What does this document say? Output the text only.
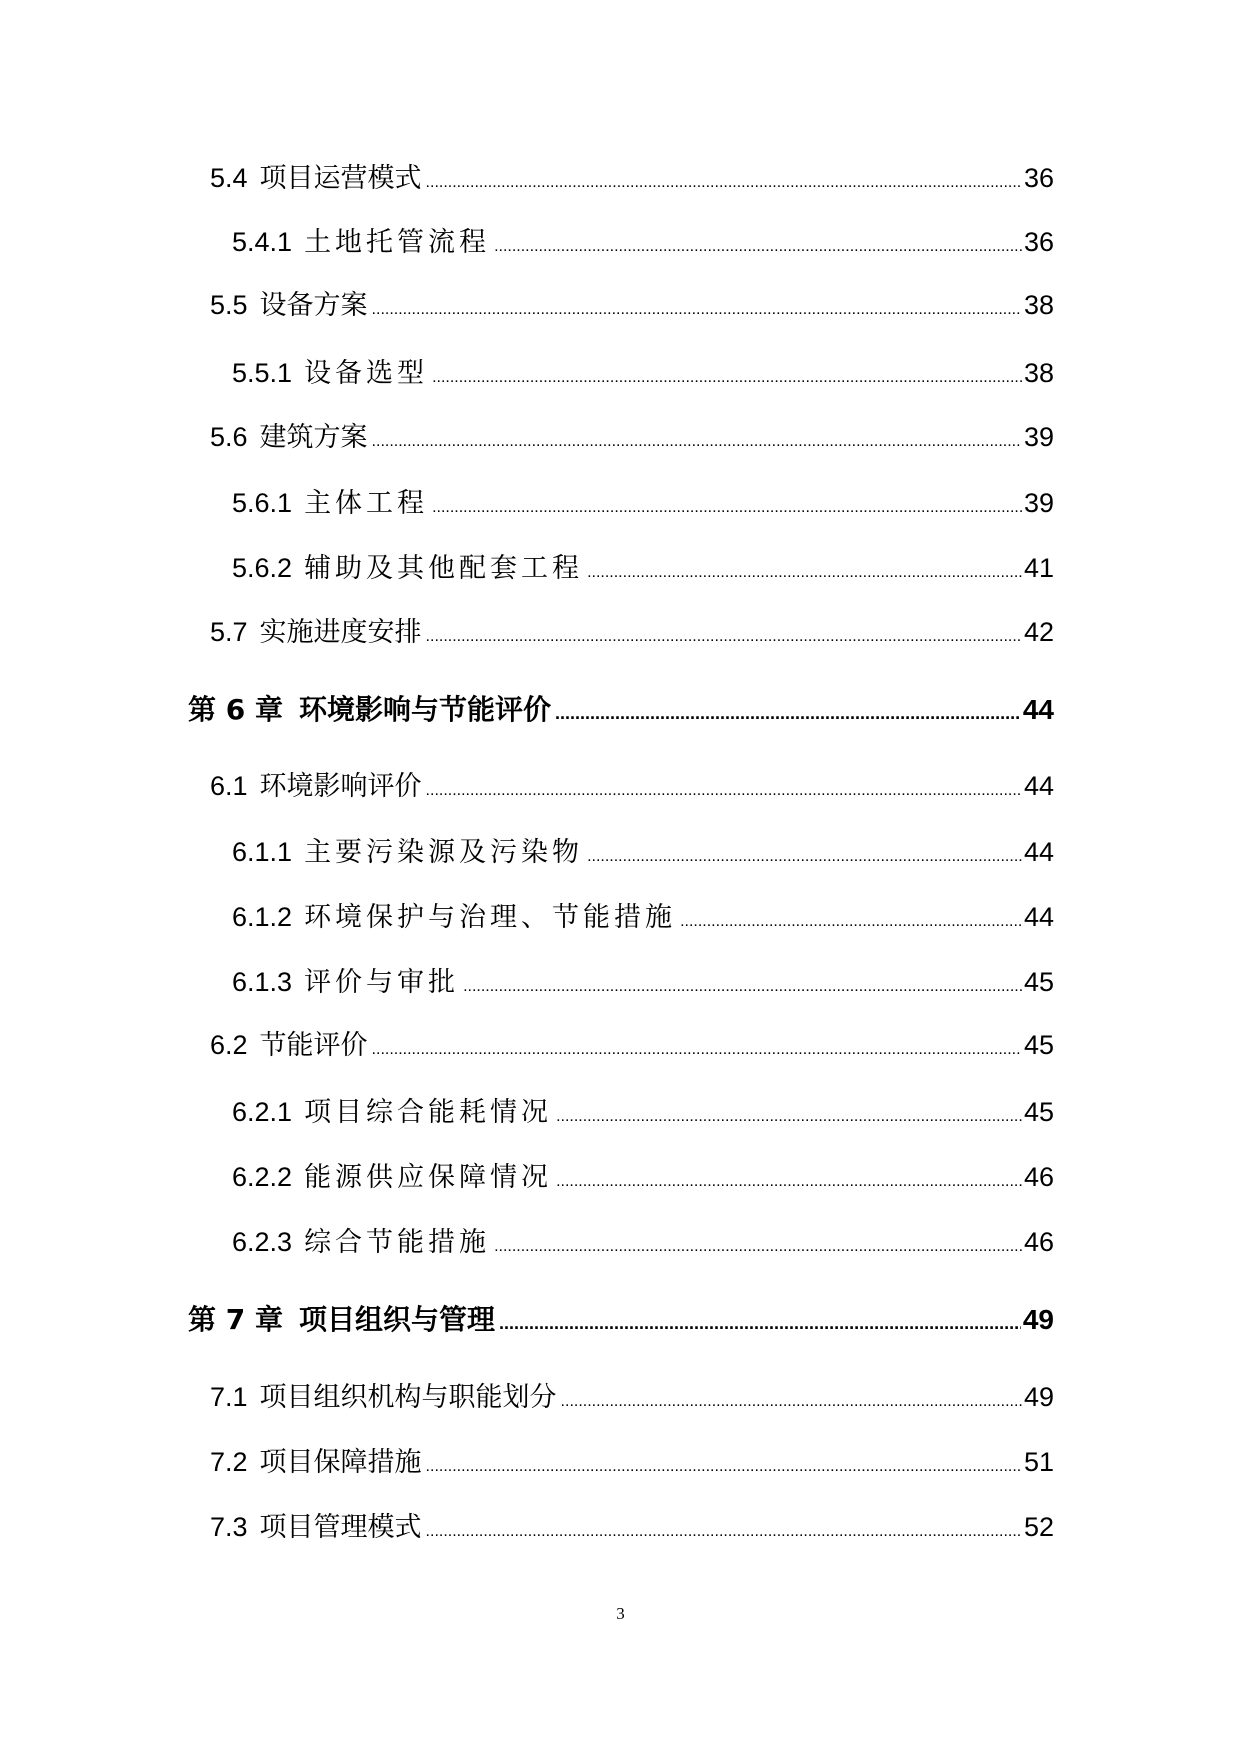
5.4 项目运营模式 .....	36
5.4.1 土地托管流程 .....	36
5.5 设备方案 .....	38
5.5.1 设备选型 .....	38
5.6 建筑方案 .....	39
5.6.1 主体工程 .....	39
5.6.2 辅助及其他配套工程 .....	41
5.7 实施进度安排 .....	42
第 6 章 环境影响与节能评价 .....	44
6.1 环境影响评价 .....	44
6.1.1 主要污染源及污染物 .....	44
6.1.2 环境保护与治理、节能措施 .....	44
6.1.3 评价与审批 .....	45
6.2 节能评价 .....	45
6.2.1 项目综合能耗情况 .....	45
6.2.2 能源供应保障情况 .....	46
6.2.3 综合节能措施 .....	46
第 7 章 项目组织与管理 .....	49
7.1 项目组织机构与职能划分 .....	49
7.2 项目保障措施 .....	51
7.3 项目管理模式 .....	52
3
